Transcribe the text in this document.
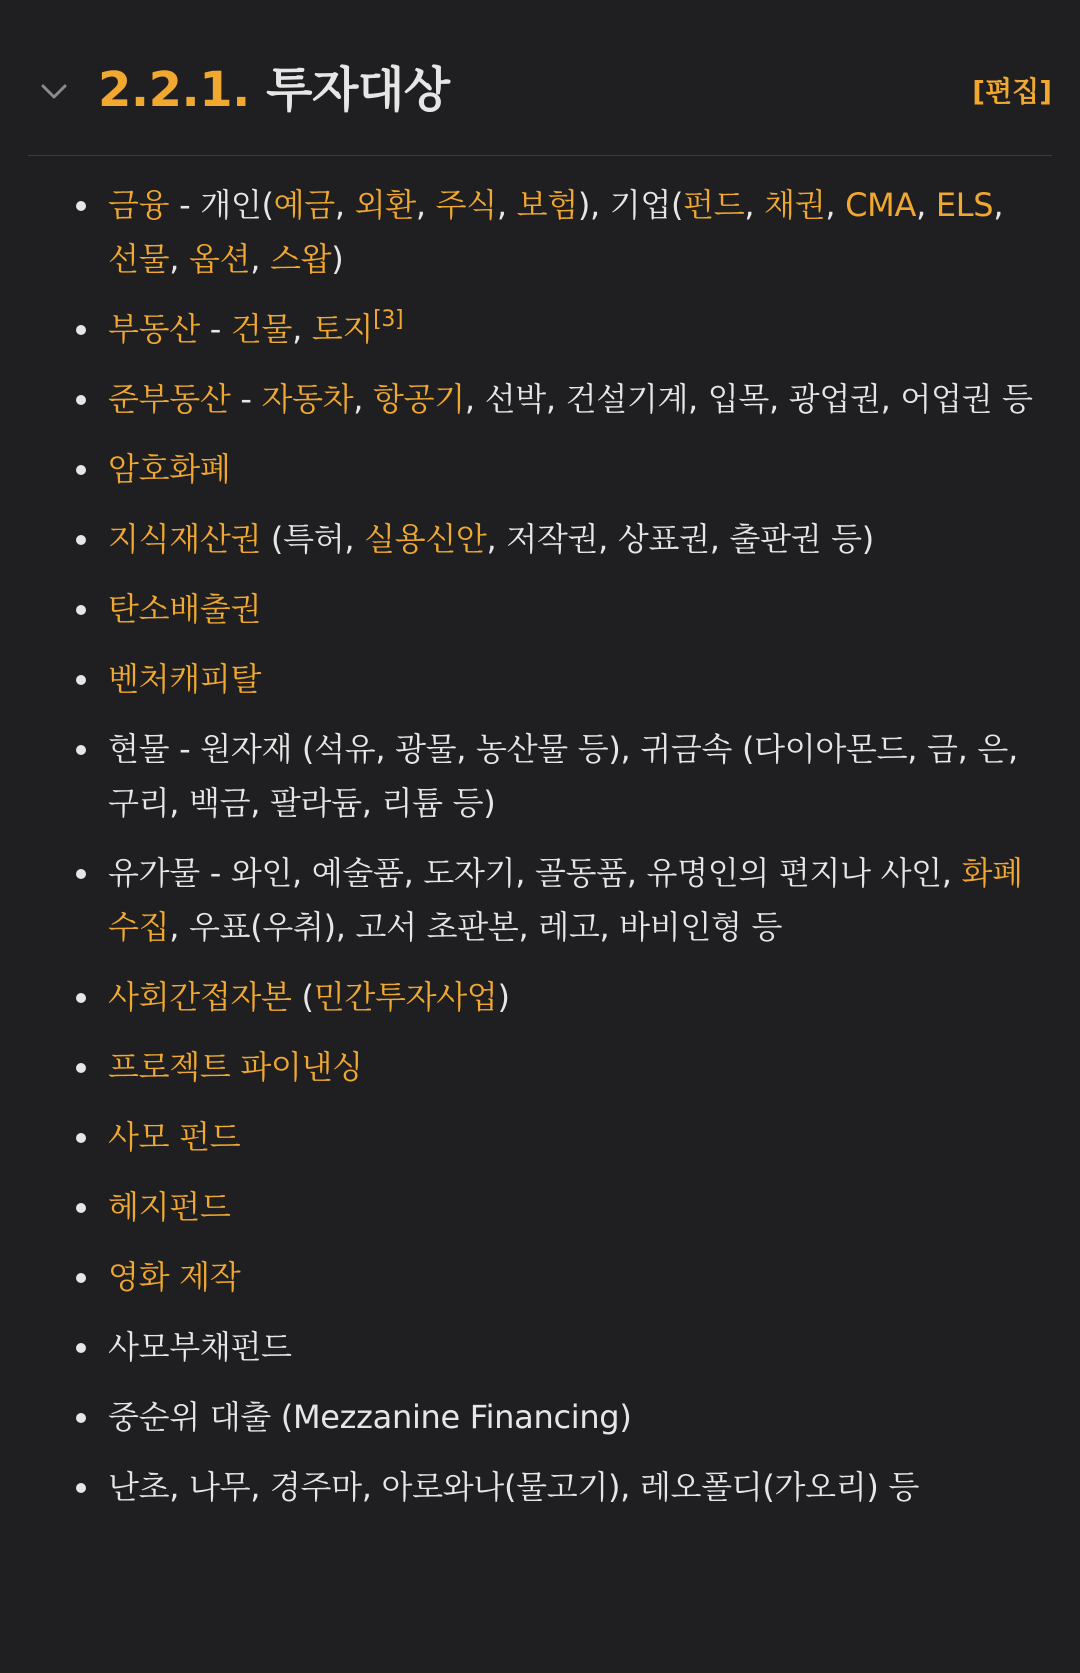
2.2.1. 투자대상	[편집]
금융 - 개인(예금, 외환, 주식, 보험), 기업(펀드, 채권, CMA, ELS, 선물, 옵션, 스왑)
부동산 - 건물, 토지[3]
준부동산 - 자동차, 항공기, 선박, 건설기계, 입목, 광업권, 어업권 등
암호화폐
지식재산권 (특허, 실용신안, 저작권, 상표권, 출판권 등)
탄소배출권
벤처캐피탈
현물 - 원자재 (석유, 광물, 농산물 등), 귀금속 (다이아몬드, 금, 은, 구리, 백금, 팔라듐, 리튬 등)
유가물 - 와인, 예술품, 도자기, 골동품, 유명인의 편지나 사인, 화폐 수집, 우표(우취), 고서 초판본, 레고, 바비인형 등
사회간접자본 (민간투자사업)
프로젝트 파이낸싱
사모 펀드
헤지펀드
영화 제작
사모부채펀드
중순위 대출 (Mezzanine Financing)
난초, 나무, 경주마, 아로와나(물고기), 레오폴디(가오리) 등
